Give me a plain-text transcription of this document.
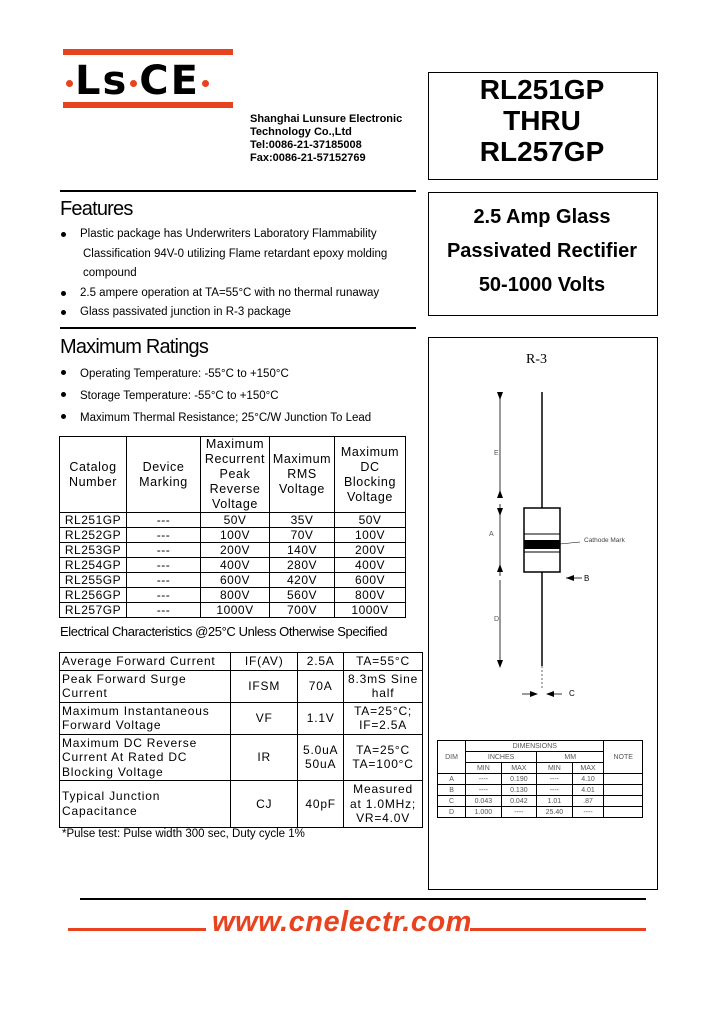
Ls CE
Shanghai Lunsure Electronic
Technology Co.,Ltd
Tel:0086-21-37185008
Fax:0086-21-57152769
RL251GP
THRU
RL257GP
2.5 Amp Glass
Passivated Rectifier
50-1000 Volts
Features
Plastic package has Underwriters Laboratory Flammability
Classification 94V-0 utilizing Flame retardant epoxy molding
compound
2.5 ampere operation at TA=55°C with no thermal runaway
Glass passivated junction in R-3 package
Maximum Ratings
Operating Temperature: -55°C to +150°C
Storage Temperature: -55°C to +150°C
Maximum Thermal Resistance; 25°C/W Junction To Lead
Catalog Number	Device Marking	Maximum Recurrent Peak Reverse Voltage	Maximum RMS Voltage	Maximum DC Blocking Voltage
RL251GP	---	50V	35V	50V
RL252GP	---	100V	70V	100V
RL253GP	---	200V	140V	200V
RL254GP	---	400V	280V	400V
RL255GP	---	600V	420V	600V
RL256GP	---	800V	560V	800V
RL257GP	---	1000V	700V	1000V
Electrical Characteristics @25°C Unless Otherwise Specified
Average Forward Current	IF(AV)	2.5A	TA=55°C
Peak Forward Surge Current	IFSM	70A	8.3mS Sine half
Maximum Instantaneous Forward Voltage	VF	1.1V	TA=25°C; IF=2.5A
Maximum DC Reverse Current At Rated DC Blocking Voltage	IR	5.0uA 50uA	TA=25°C TA=100°C
Typical Junction Capacitance	CJ	40pF	Measured at 1.0MHz; VR=4.0V
*Pulse test: Pulse width 300 sec, Duty cycle 1%
R-3
E
B
A
D
C
Cathode Mark
DIM	DIMENSIONS				NOTE
	INCHES		MM		
	MIN	MAX	MIN	MAX	
A	----	0.190	----	4.10	
B	----	0.130	----	4.01	
C	0.043	0.042	1.01	.87	
D	1.000	----	25.40	----	
www.cnelectr.com
